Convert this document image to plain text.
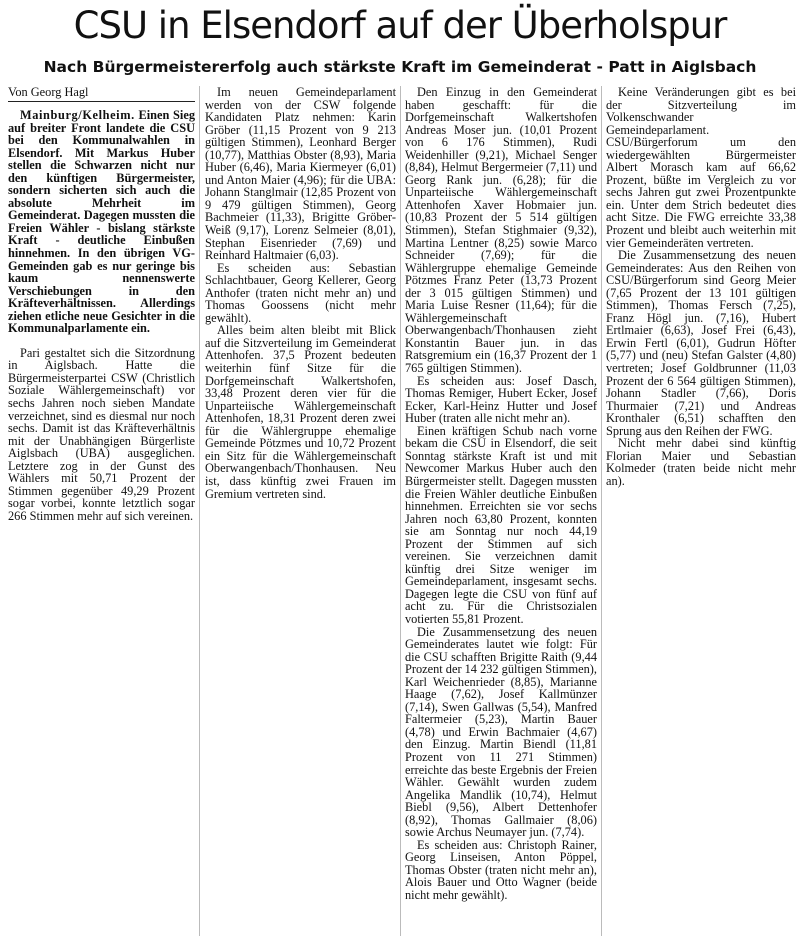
CSU in Elsendorf auf der Überholspur
Nach Bürgermeistererfolg auch stärkste Kraft im Gemeinderat - Patt in Aiglsbach
Von Georg Hagl

Mainburg/Kelheim. Einen Sieg auf breiter Front landete die CSU bei den Kommunalwahlen in Elsendorf. Mit Markus Huber stellen die Schwarzen nicht nur den künftigen Bürgermeister, sondern sicherten sich auch die absolute Mehrheit im Gemeinderat. Dagegen mussten die Freien Wähler - bislang stärkste Kraft - deutliche Einbußen hinnehmen. In den übrigen VG-Gemeinden gab es nur geringe bis kaum nennenswerte Verschiebungen in den Kräfteverhältnissen. Allerdings ziehen etliche neue Gesichter in die Kommunalparlamente ein.

Pari gestaltet sich die Sitzordnung in Aiglsbach. Hatte die Bürgermeisterpartei CSW (Christlich Soziale Wählergemeinschaft) vor sechs Jahren noch sieben Mandate verzeichnet, sind es diesmal nur noch sechs. Damit ist das Kräfteverhältnis mit der Unabhängigen Bürgerliste Aiglsbach (UBA) ausgeglichen. Letztere zog in der Gunst des Wählers mit 50,71 Prozent der Stimmen gegenüber 49,29 Prozent sogar vorbei, konnte letztlich sogar 266 Stimmen mehr auf sich vereinen.

Im neuen Gemeindeparlament werden von der CSW folgende Kandidaten Platz nehmen: Karin Gröber (11,15 Prozent von 9 213 gültigen Stimmen), Leonhard Berger (10,77), Matthias Obster (8,93), Maria Huber (6,46), Maria Kiermeyer (6,01) und Anton Maier (4,96); für die UBA: Johann Stanglmair (12,85 Prozent von 9 479 gültigen Stimmen), Georg Bachmeier (11,33), Brigitte Gröber-Weiß (9,17), Lorenz Selmeier (8,01), Stephan Eisenrieder (7,69) und Reinhard Haltmaier (6,03).

Es scheiden aus: Sebastian Schlachtbauer, Georg Kellerer, Georg Anthofer (traten nicht mehr an) und Thomas Goossens (nicht mehr gewählt).

Alles beim alten bleibt mit Blick auf die Sitzverteilung im Gemeinderat Attenhofen. 37,5 Prozent bedeuten weiterhin fünf Sitze für die Dorfgemeinschaft Walkertshofen, 33,48 Prozent deren vier für die Unparteiische Wählergemeinschaft Attenhofen, 18,31 Prozent deren zwei für die Wählergruppe ehemalige Gemeinde Pötzmes und 10,72 Prozent ein Sitz für die Wählergemeinschaft Oberwangenbach/Thonhausen. Neu ist, dass künftig zwei Frauen im Gremium vertreten sind.

Den Einzug in den Gemeinderat haben geschafft: für die Dorfgemeinschaft Walkertshofen Andreas Moser jun. (10,01 Prozent von 6 176 Stimmen), Rudi Weidenhiller (9,21), Michael Senger (8,84), Helmut Bergermeier (7,11) und Georg Rank jun. (6,28); für die Unparteiische Wählergemeinschaft Attenhofen Xaver Hobmaier jun. (10,83 Prozent der 5 514 gültigen Stimmen), Stefan Stighmaier (9,32), Martina Lentner (8,25) sowie Marco Schneider (7,69); für die Wählergruppe ehemalige Gemeinde Pötzmes Franz Peter (13,73 Prozent der 3 015 gültigen Stimmen) und Maria Luise Resner (11,64); für die Wählergemeinschaft Oberwangenbach/Thonhausen zieht Konstantin Bauer jun. in das Ratsgremium ein (16,37 Prozent der 1 765 gültigen Stimmen).

Es scheiden aus: Josef Dasch, Thomas Remiger, Hubert Ecker, Josef Ecker, Karl-Heinz Hutter und Josef Huber (traten alle nicht mehr an).

Einen kräftigen Schub nach vorne bekam die CSU in Elsendorf, die seit Sonntag stärkste Kraft ist und mit Newcomer Markus Huber auch den Bürgermeister stellt. Dagegen mussten die Freien Wähler deutliche Einbußen hinnehmen. Erreichten sie vor sechs Jahren noch 63,80 Prozent, konnten sie am Sonntag nur noch 44,19 Prozent der Stimmen auf sich vereinen. Sie verzeichnen damit künftig drei Sitze weniger im Gemeindeparlament, insgesamt sechs. Dagegen legte die CSU von fünf auf acht zu. Für die Christsozialen votierten 55,81 Prozent.

Die Zusammensetzung des neuen Gemeinderates lautet wie folgt: Für die CSU schafften Brigitte Raith (9,44 Prozent der 14 232 gültigen Stimmen), Karl Weichenrieder (8,85), Marianne Haage (7,62), Josef Kallmünzer (7,14), Swen Gallwas (5,54), Manfred Faltermeier (5,23), Martin Bauer (4,78) und Erwin Bachmaier (4,67) den Einzug. Martin Biendl (11,81 Prozent von 11 271 Stimmen) erreichte das beste Ergebnis der Freien Wähler. Gewählt wurden zudem Angelika Mandlik (10,74), Helmut Biebl (9,56), Albert Dettenhofer (8,92), Thomas Gallmaier (8,06) sowie Archus Neumayer jun. (7,74).

Es scheiden aus: Christoph Rainer, Georg Linseisen, Anton Pöppel, Thomas Obster (traten nicht mehr an), Alois Bauer und Otto Wagner (beide nicht mehr gewählt).

Keine Veränderungen gibt es bei der Sitzverteilung im Volkenschwander Gemeindeparlament. CSU/Bürgerforum um den wiedergewählten Bürgermeister Albert Morasch kam auf 66,62 Prozent, büßte im Vergleich zu vor sechs Jahren gut zwei Prozentpunkte ein. Unter dem Strich bedeutet dies acht Sitze. Die FWG erreichte 33,38 Prozent und bleibt auch weiterhin mit vier Gemeinderäten vertreten.

Die Zusammensetzung des neuen Gemeinderates: Aus den Reihen von CSU/Bürgerforum sind Georg Meier (7,65 Prozent der 13 101 gültigen Stimmen), Thomas Fersch (7,25), Franz Högl jun. (7,16), Hubert Ertlmaier (6,63), Josef Frei (6,43), Erwin Fertl (6,01), Gudrun Höfter (5,77) und (neu) Stefan Galster (4,80) vertreten; Josef Goldbrunner (11,03 Prozent der 6 564 gültigen Stimmen), Johann Stadler (7,66), Doris Thurmaier (7,21) und Andreas Kronthaler (6,51) schafften den Sprung aus den Reihen der FWG.

Nicht mehr dabei sind künftig Florian Maier und Sebastian Kolmeder (traten beide nicht mehr an).
